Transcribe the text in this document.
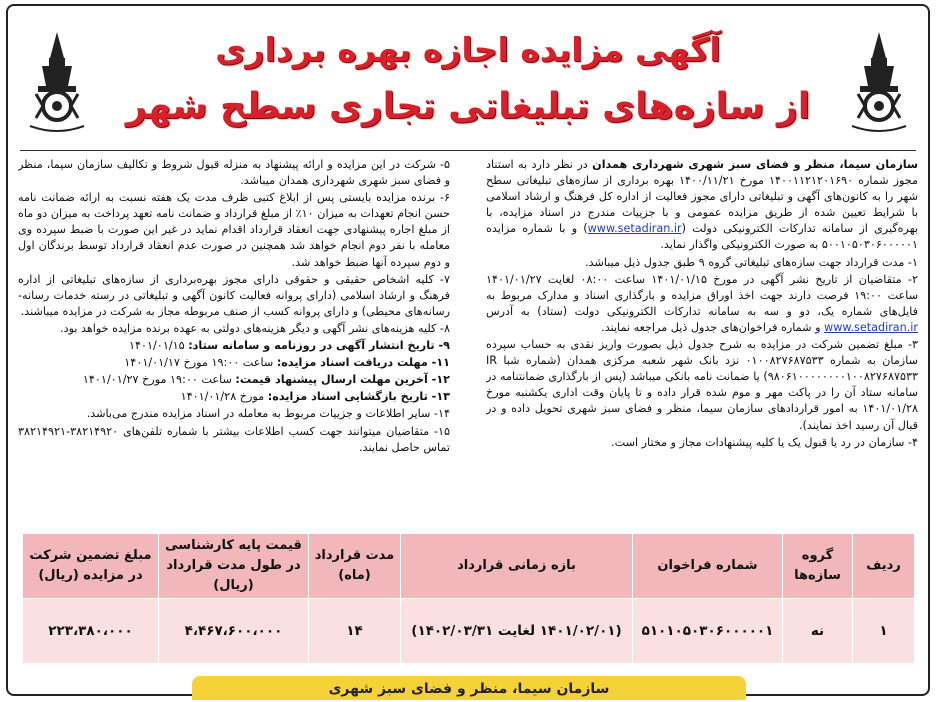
آگهی مزایده اجازه بهره برداری
از سازه‌های تبلیغاتی تجاری سطح شهر

سازمان سیما، منظر و فضای سبز شهری شهرداری همدان در نظر دارد به استناد مجوز شماره ۱۴۰۰۱۱۲۱۲۰۱۶۹۰ مورخ ۱۴۰۰/۱۱/۲۱ بهره برداری از سازه‌های تبلیغاتی سطح شهر را به کانون‌های آگهی و تبلیغاتی دارای مجوز فعالیت از اداره کل فرهنگ و ارشاد اسلامی با شرایط تعیین شده از طریق مزایده عمومی و با جزییات مندرج در اسناد مزایده، با بهره‌گیری از سامانه تدارکات الکترونیکی دولت (www.setadiran.ir) و با شماره مزایده ۵۰۰۱۰۵۰۳۰۶۰۰۰۰۰۱ به صورت الکترونیکی واگذار نماید.

۱- مدت قرارداد جهت سازه‌های تبلیغاتی گروه ۹ طبق جدول ذیل میباشد.

۲- متقاضیان از تاریخ نشر آگهی در مورخ ۱۴۰۱/۰۱/۱۵ ساعت ۰۸:۰۰ لغایت ۱۴۰۱/۰۱/۲۷ ساعت ۱۹:۰۰ فرصت دارند جهت اخذ اوراق مزایده و بارگذاری اسناد و مدارک مربوط به فایل‌های شماره یک، دو و سه به سامانه تدارکات الکترونیکی دولت (ستاد) به آدرس www.setadiran.ir و شماره فراخوان‌های جدول ذیل مراجعه نمایند.

۳- مبلغ تضمین شرکت در مزایده به شرح جدول ذیل بصورت واریز نقدی به حساب سپرده سازمان به شماره ۰۱۰۰۸۲۷۶۸۷۵۳۳ نزد بانک شهر شعبه مرکزی همدان (شماره شبا IR ۹۸۰۶۱۰۰۰۰۰۰۰۰۱۰۰۸۲۷۶۸۷۵۳۳) یا ضمانت نامه بانکی میباشد (پس از بارگذاری ضمانتنامه در سامانه ستاد آن را در پاکت مهر و موم شده قرار داده و تا پایان وقت اداری یکشنبه مورخ ۱۴۰۱/۰۱/۲۸ به امور قراردادهای سازمان سیما، منظر و فضای سبز شهری تحویل داده و در قبال آن رسید اخذ نمایند).

۴- سازمان در رد یا قبول یک یا کلیه پیشنهادات مجاز و مختار است.

۵- شرکت در این مزایده و ارائه پیشنهاد به منزله قبول شروط و تکالیف سازمان سیما، منظر و فضای سبز شهری شهرداری همدان میباشد.

۶- برنده مزایده بایستی پس از ابلاغ کتبی ظرف مدت یک هفته نسبت به ارائه ضمانت نامه حسن انجام تعهدات به میزان ۱۰٪ از مبلغ قرارداد و ضمانت نامه تعهد پرداخت به میزان دو ماه از مبلغ اجاره پیشنهادی جهت انعقاد قرارداد اقدام نماید در غیر این صورت با ضبط سپرده وی معامله با نفر دوم انجام خواهد شد همچنین در صورت عدم انعقاد قرارداد توسط برندگان اول و دوم سپرده آنها ضبط خواهد شد.

۷- کلیه اشخاص حقیقی و حقوقی دارای مجوز بهره‌برداری از سازه‌های تبلیغاتی از اداره فرهنگ و ارشاد اسلامی (دارای پروانه فعالیت کانون آگهی و تبلیغاتی در رسته خدمات رسانه-رسانه‌های محیطی) و دارای پروانه کسب از صنف مربوطه مجاز به شرکت در مزایده میباشند.

۸- کلیه هزینه‌های نشر آگهی و دیگر هزینه‌های دولتی به عهده برنده مزایده خواهد بود.

۹- تاریخ انتشار آگهی در روزنامه و سامانه ستاد: ۱۴۰۱/۰۱/۱۵

۱۱- مهلت دریافت اسناد مزایده: ساعت ۱۹:۰۰ مورخ ۱۴۰۱/۰۱/۱۷

۱۲- آخرین مهلت ارسال پیشنهاد قیمت: ساعت ۱۹:۰۰ مورخ ۱۴۰۱/۰۱/۲۷

۱۳- تاریخ بازگشایی اسناد مزایده: مورخ ۱۴۰۱/۰۱/۲۸

۱۴- سایر اطلاعات و جزییات مربوط به معامله در اسناد مزایده مندرج می‌باشد.

۱۵- متقاضیان میتوانند جهت کسب اطلاعات بیشتر با شماره تلفن‌های ۳۸۲۱۴۹۲۰-۳۸۲۱۴۹۲۱ تماس حاصل نمایند.

ردیف	گروه سازه‌ها	شماره فراخوان	بازه زمانی قرارداد	مدت قرارداد (ماه)	قیمت پایه کارشناسی در طول مدت قرارداد (ریال)	مبلغ تضمین شرکت در مزایده (ریال)
۱	نه	۵۱۰۱۰۵۰۳۰۶۰۰۰۰۰۱	(۱۴۰۱/۰۲/۰۱ لغایت ۱۴۰۲/۰۳/۳۱)	۱۴	۴،۴۶۷،۶۰۰،۰۰۰	۲۲۳،۳۸۰،۰۰۰
سازمان سیما، منظر و فضای سبز شهری
